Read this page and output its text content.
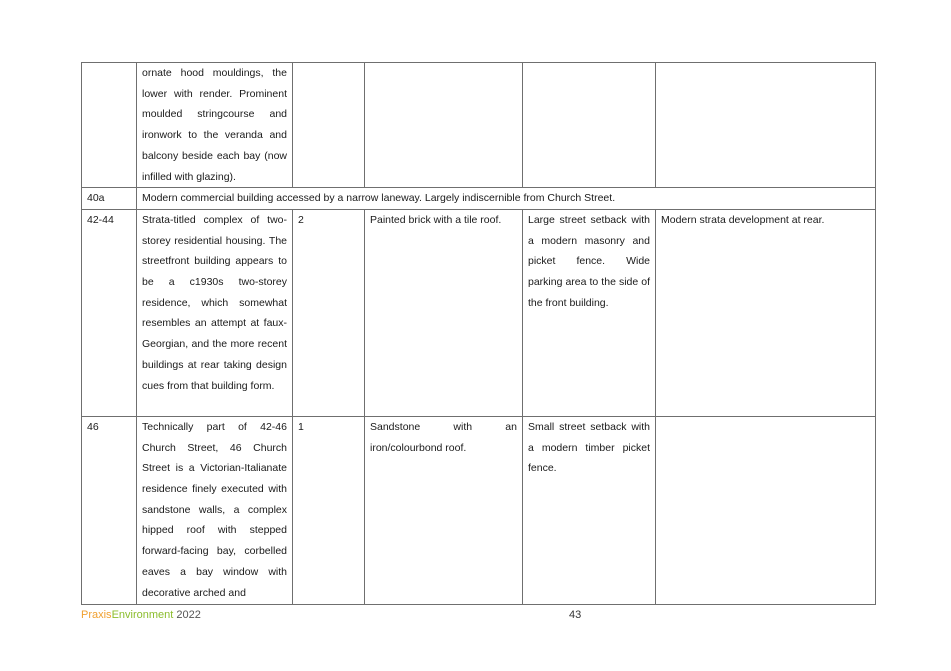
	ornate hood mouldings, the lower with render. Prominent moulded stringcourse and ironwork to the veranda and balcony beside each bay (now infilled with glazing).				
40a	Modern commercial building accessed by a narrow laneway. Largely indiscernible from Church Street.				
42-44	Strata-titled complex of two-storey residential housing. The streetfront building appears to be a c1930s two-storey residence, which somewhat resembles an attempt at faux-Georgian, and the more recent buildings at rear taking design cues from that building form.	2	Painted brick with a tile roof.	Large street setback with a modern masonry and picket fence. Wide parking area to the side of the front building.	Modern strata development at rear.
46	Technically part of 42-46 Church Street, 46 Church Street is a Victorian-Italianate residence finely executed with sandstone walls, a complex hipped roof with stepped forward-facing bay, corbelled eaves a bay window with decorative arched and	1	Sandstone with an iron/colourbond roof.	Small street setback with a modern timber picket fence.	
PraxisEnvironment 2022	43
